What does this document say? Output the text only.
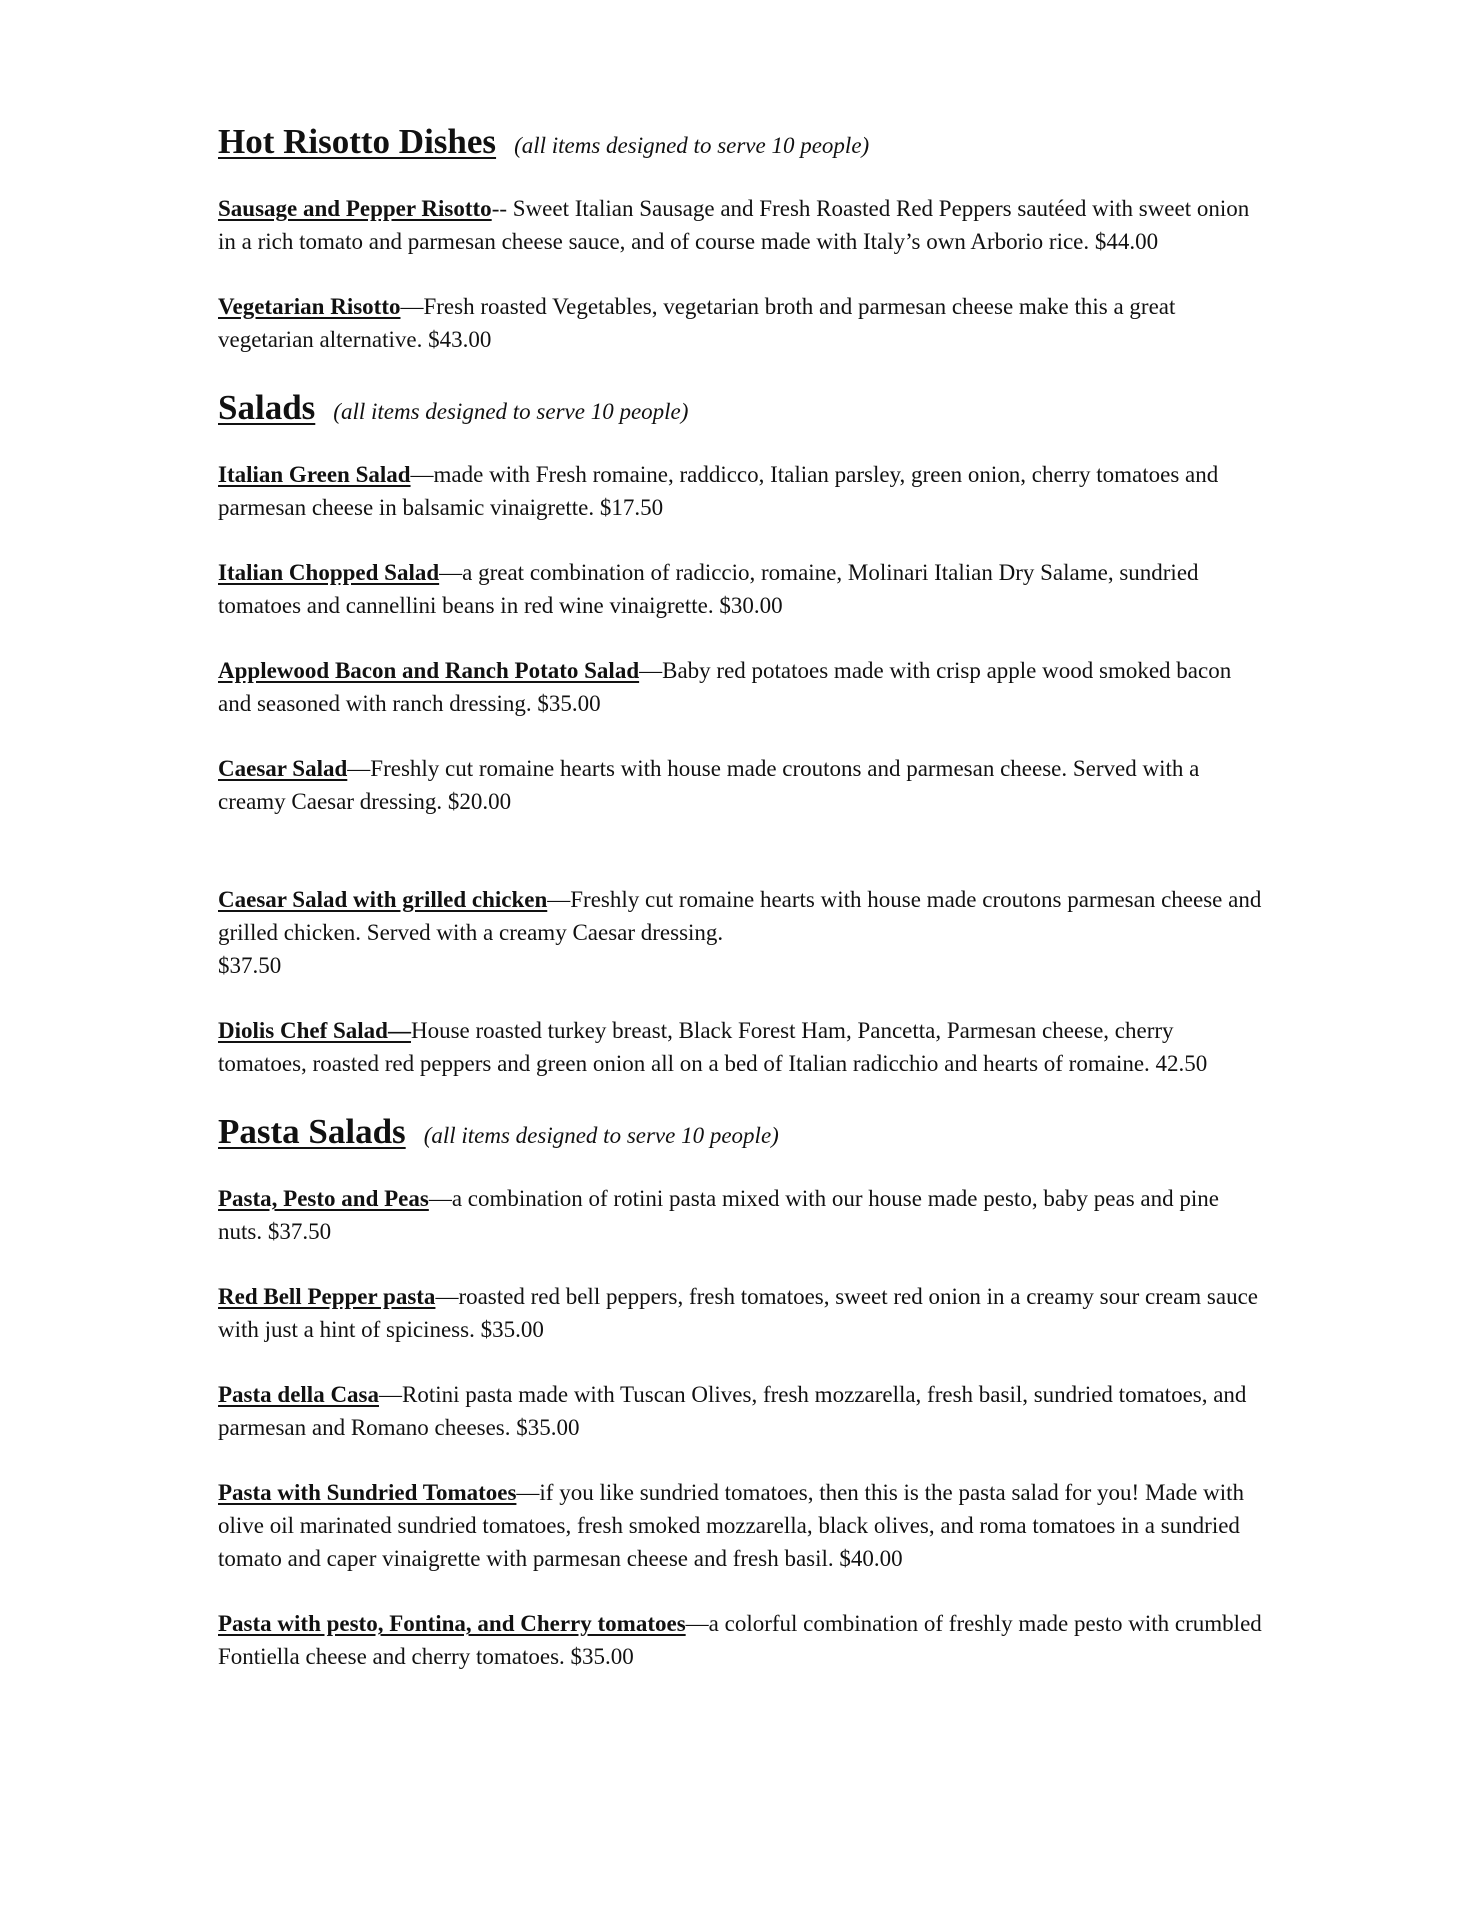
Hot Risotto Dishes (all items designed to serve 10 people)

Sausage and Pepper Risotto-- Sweet Italian Sausage and Fresh Roasted Red Peppers sautéed with sweet onion in a rich tomato and parmesan cheese sauce, and of course made with Italy’s own Arborio rice. $44.00

Vegetarian Risotto—Fresh roasted Vegetables, vegetarian broth and parmesan cheese make this a great vegetarian alternative. $43.00

Salads (all items designed to serve 10 people)

Italian Green Salad—made with Fresh romaine, raddicco, Italian parsley, green onion, cherry tomatoes and parmesan cheese in balsamic vinaigrette. $17.50

Italian Chopped Salad—a great combination of radiccio, romaine, Molinari Italian Dry Salame, sundried tomatoes and cannellini beans in red wine vinaigrette. $30.00

Applewood Bacon and Ranch Potato Salad—Baby red potatoes made with crisp apple wood smoked bacon and seasoned with ranch dressing. $35.00

Caesar Salad—Freshly cut romaine hearts with house made croutons and parmesan cheese. Served with a creamy Caesar dressing. $20.00

Caesar Salad with grilled chicken—Freshly cut romaine hearts with house made croutons parmesan cheese and grilled chicken. Served with a creamy Caesar dressing.
$37.50

Diolis Chef Salad—House roasted turkey breast, Black Forest Ham, Pancetta, Parmesan cheese, cherry tomatoes, roasted red peppers and green onion all on a bed of Italian radicchio and hearts of romaine. 42.50

Pasta Salads (all items designed to serve 10 people)

Pasta, Pesto and Peas—a combination of rotini pasta mixed with our house made pesto, baby peas and pine nuts. $37.50

Red Bell Pepper pasta—roasted red bell peppers, fresh tomatoes, sweet red onion in a creamy sour cream sauce with just a hint of spiciness. $35.00

Pasta della Casa—Rotini pasta made with Tuscan Olives, fresh mozzarella, fresh basil, sundried tomatoes, and parmesan and Romano cheeses. $35.00

Pasta with Sundried Tomatoes—if you like sundried tomatoes, then this is the pasta salad for you! Made with olive oil marinated sundried tomatoes, fresh smoked mozzarella, black olives, and roma tomatoes in a sundried tomato and caper vinaigrette with parmesan cheese and fresh basil. $40.00

Pasta with pesto, Fontina, and Cherry tomatoes—a colorful combination of freshly made pesto with crumbled Fontiella cheese and cherry tomatoes. $35.00
